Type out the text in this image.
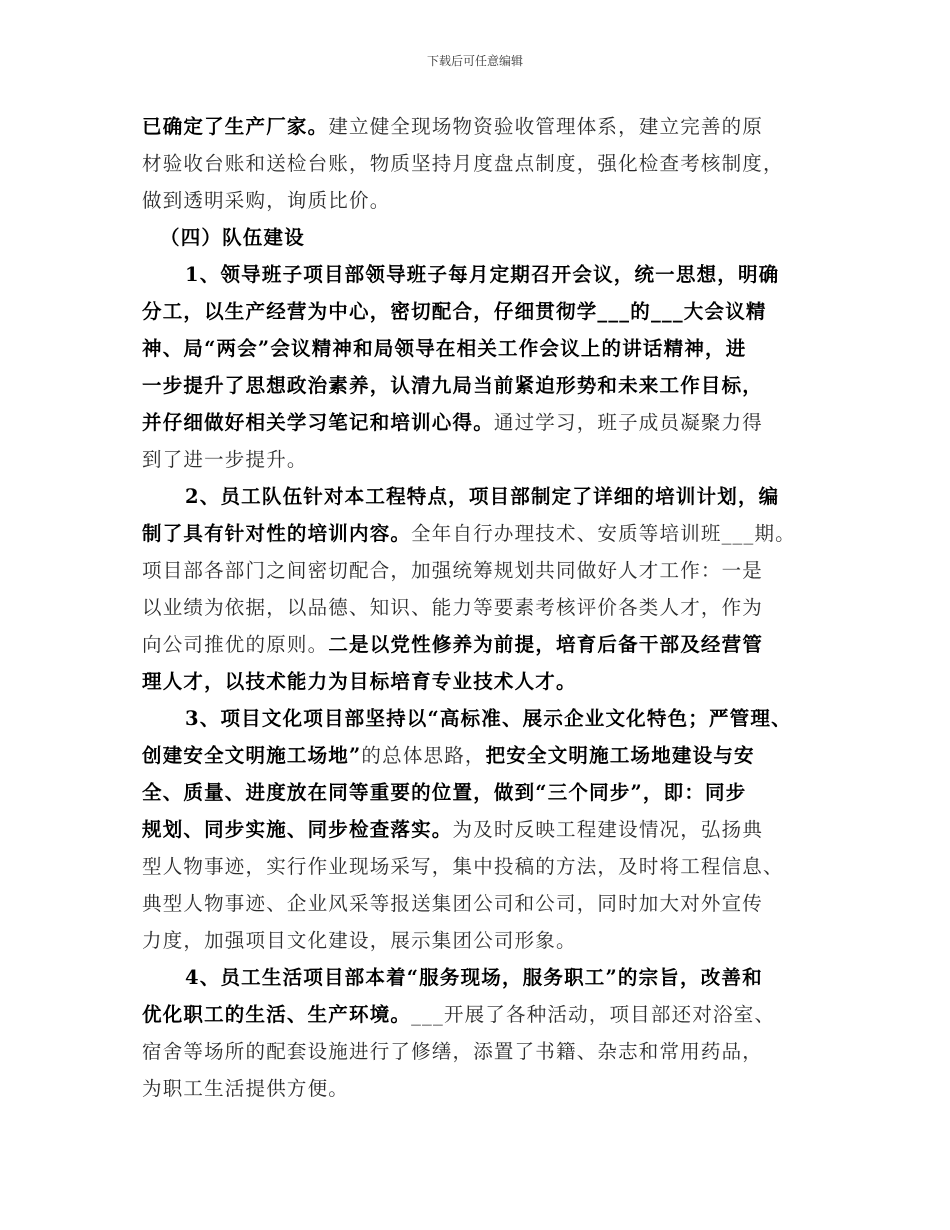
下载后可任意编辑
已确定了生产厂家。建立健全现场物资验收管理体系，建立完善的原
材验收台账和送检台账，物质坚持月度盘点制度，强化检查考核制度，
做到透明采购，询质比价。
（四）队伍建设
1、领导班子项目部领导班子每月定期召开会议，统一思想，明确
分工，以生产经营为中心，密切配合，仔细贯彻学___的___大会议精
神、局“两会”会议精神和局领导在相关工作会议上的讲话精神，进
一步提升了思想政治素养，认清九局当前紧迫形势和未来工作目标，
并仔细做好相关学习笔记和培训心得。通过学习，班子成员凝聚力得
到了进一步提升。
2、员工队伍针对本工程特点，项目部制定了详细的培训计划，编
制了具有针对性的培训内容。全年自行办理技术、安质等培训班___期。
项目部各部门之间密切配合，加强统筹规划共同做好人才工作：一是
以业绩为依据，以品德、知识、能力等要素考核评价各类人才，作为
向公司推优的原则。二是以党性修养为前提，培育后备干部及经营管
理人才，以技术能力为目标培育专业技术人才。
3、项目文化项目部坚持以“高标准、展示企业文化特色；严管理、
创建安全文明施工场地”的总体思路，把安全文明施工场地建设与安
全、质量、进度放在同等重要的位置，做到“三个同步”，即：同步
规划、同步实施、同步检查落实。为及时反映工程建设情况，弘扬典
型人物事迹，实行作业现场采写，集中投稿的方法，及时将工程信息、
典型人物事迹、企业风采等报送集团公司和公司，同时加大对外宣传
力度，加强项目文化建设，展示集团公司形象。
4、员工生活项目部本着“服务现场，服务职工”的宗旨，改善和
优化职工的生活、生产环境。___开展了各种活动，项目部还对浴室、
宿舍等场所的配套设施进行了修缮，添置了书籍、杂志和常用药品，
为职工生活提供方便。
